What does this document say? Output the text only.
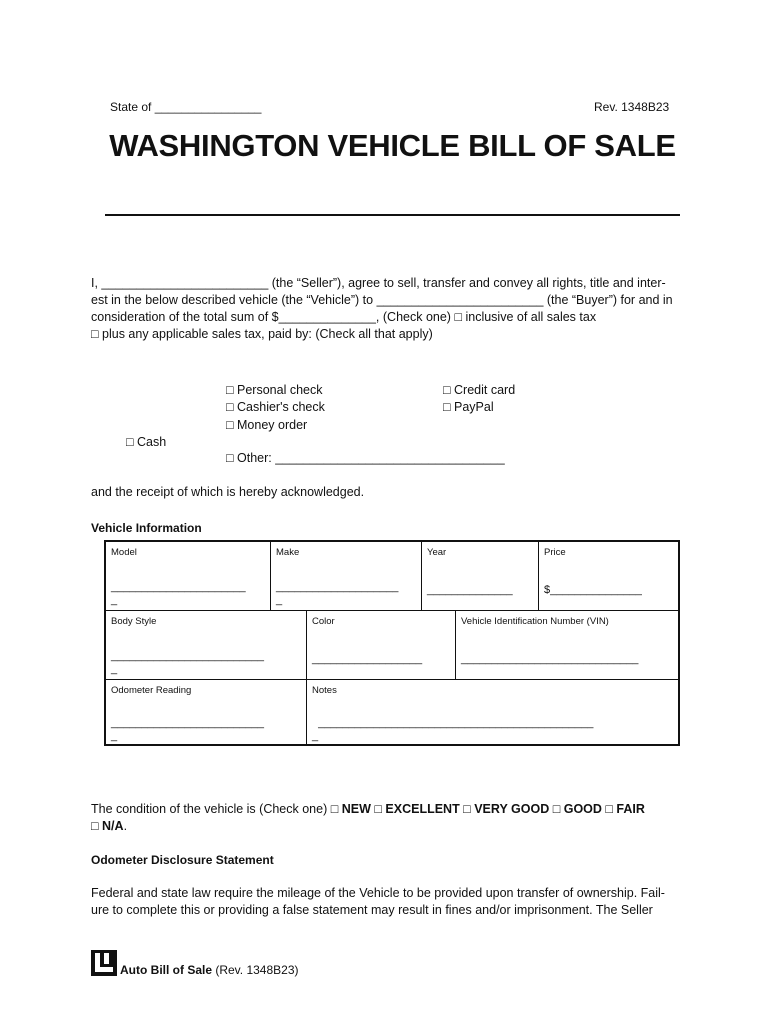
State of ________________	Rev. 1348B23
WASHINGTON VEHICLE BILL OF SALE
I, ________________________ (the “Seller”), agree to sell, transfer and convey all rights, title and inter-
est in the below described vehicle (the “Vehicle”) to ________________________ (the “Buyer”) for and in
consideration of the total sum of $______________, (Check one) □ inclusive of all sales tax
□ plus any applicable sales tax, paid by: (Check all that apply)
□ Personal check
□ Cashier's check
□ Money order
□ Credit card
□ PayPal
□ Cash
□ Other: _________________________________
and the receipt of which is hereby acknowledged.
Vehicle Information
Model
______________________
_
Make
____________________
_
Year
______________
Price
$_______________
Body Style
_________________________
_
Color
__________________
Vehicle Identification Number (VIN)
_____________________________
Odometer Reading
_________________________
_
Notes
_____________________________________________
_
The condition of the vehicle is (Check one) □ NEW □ EXCELLENT □ VERY GOOD □ GOOD □ FAIR
□ N/A.
Odometer Disclosure Statement
Federal and state law require the mileage of the Vehicle to be provided upon transfer of ownership. Fail-
ure to complete this or providing a false statement may result in fines and/or imprisonment. The Seller
Auto Bill of Sale (Rev. 1348B23)
